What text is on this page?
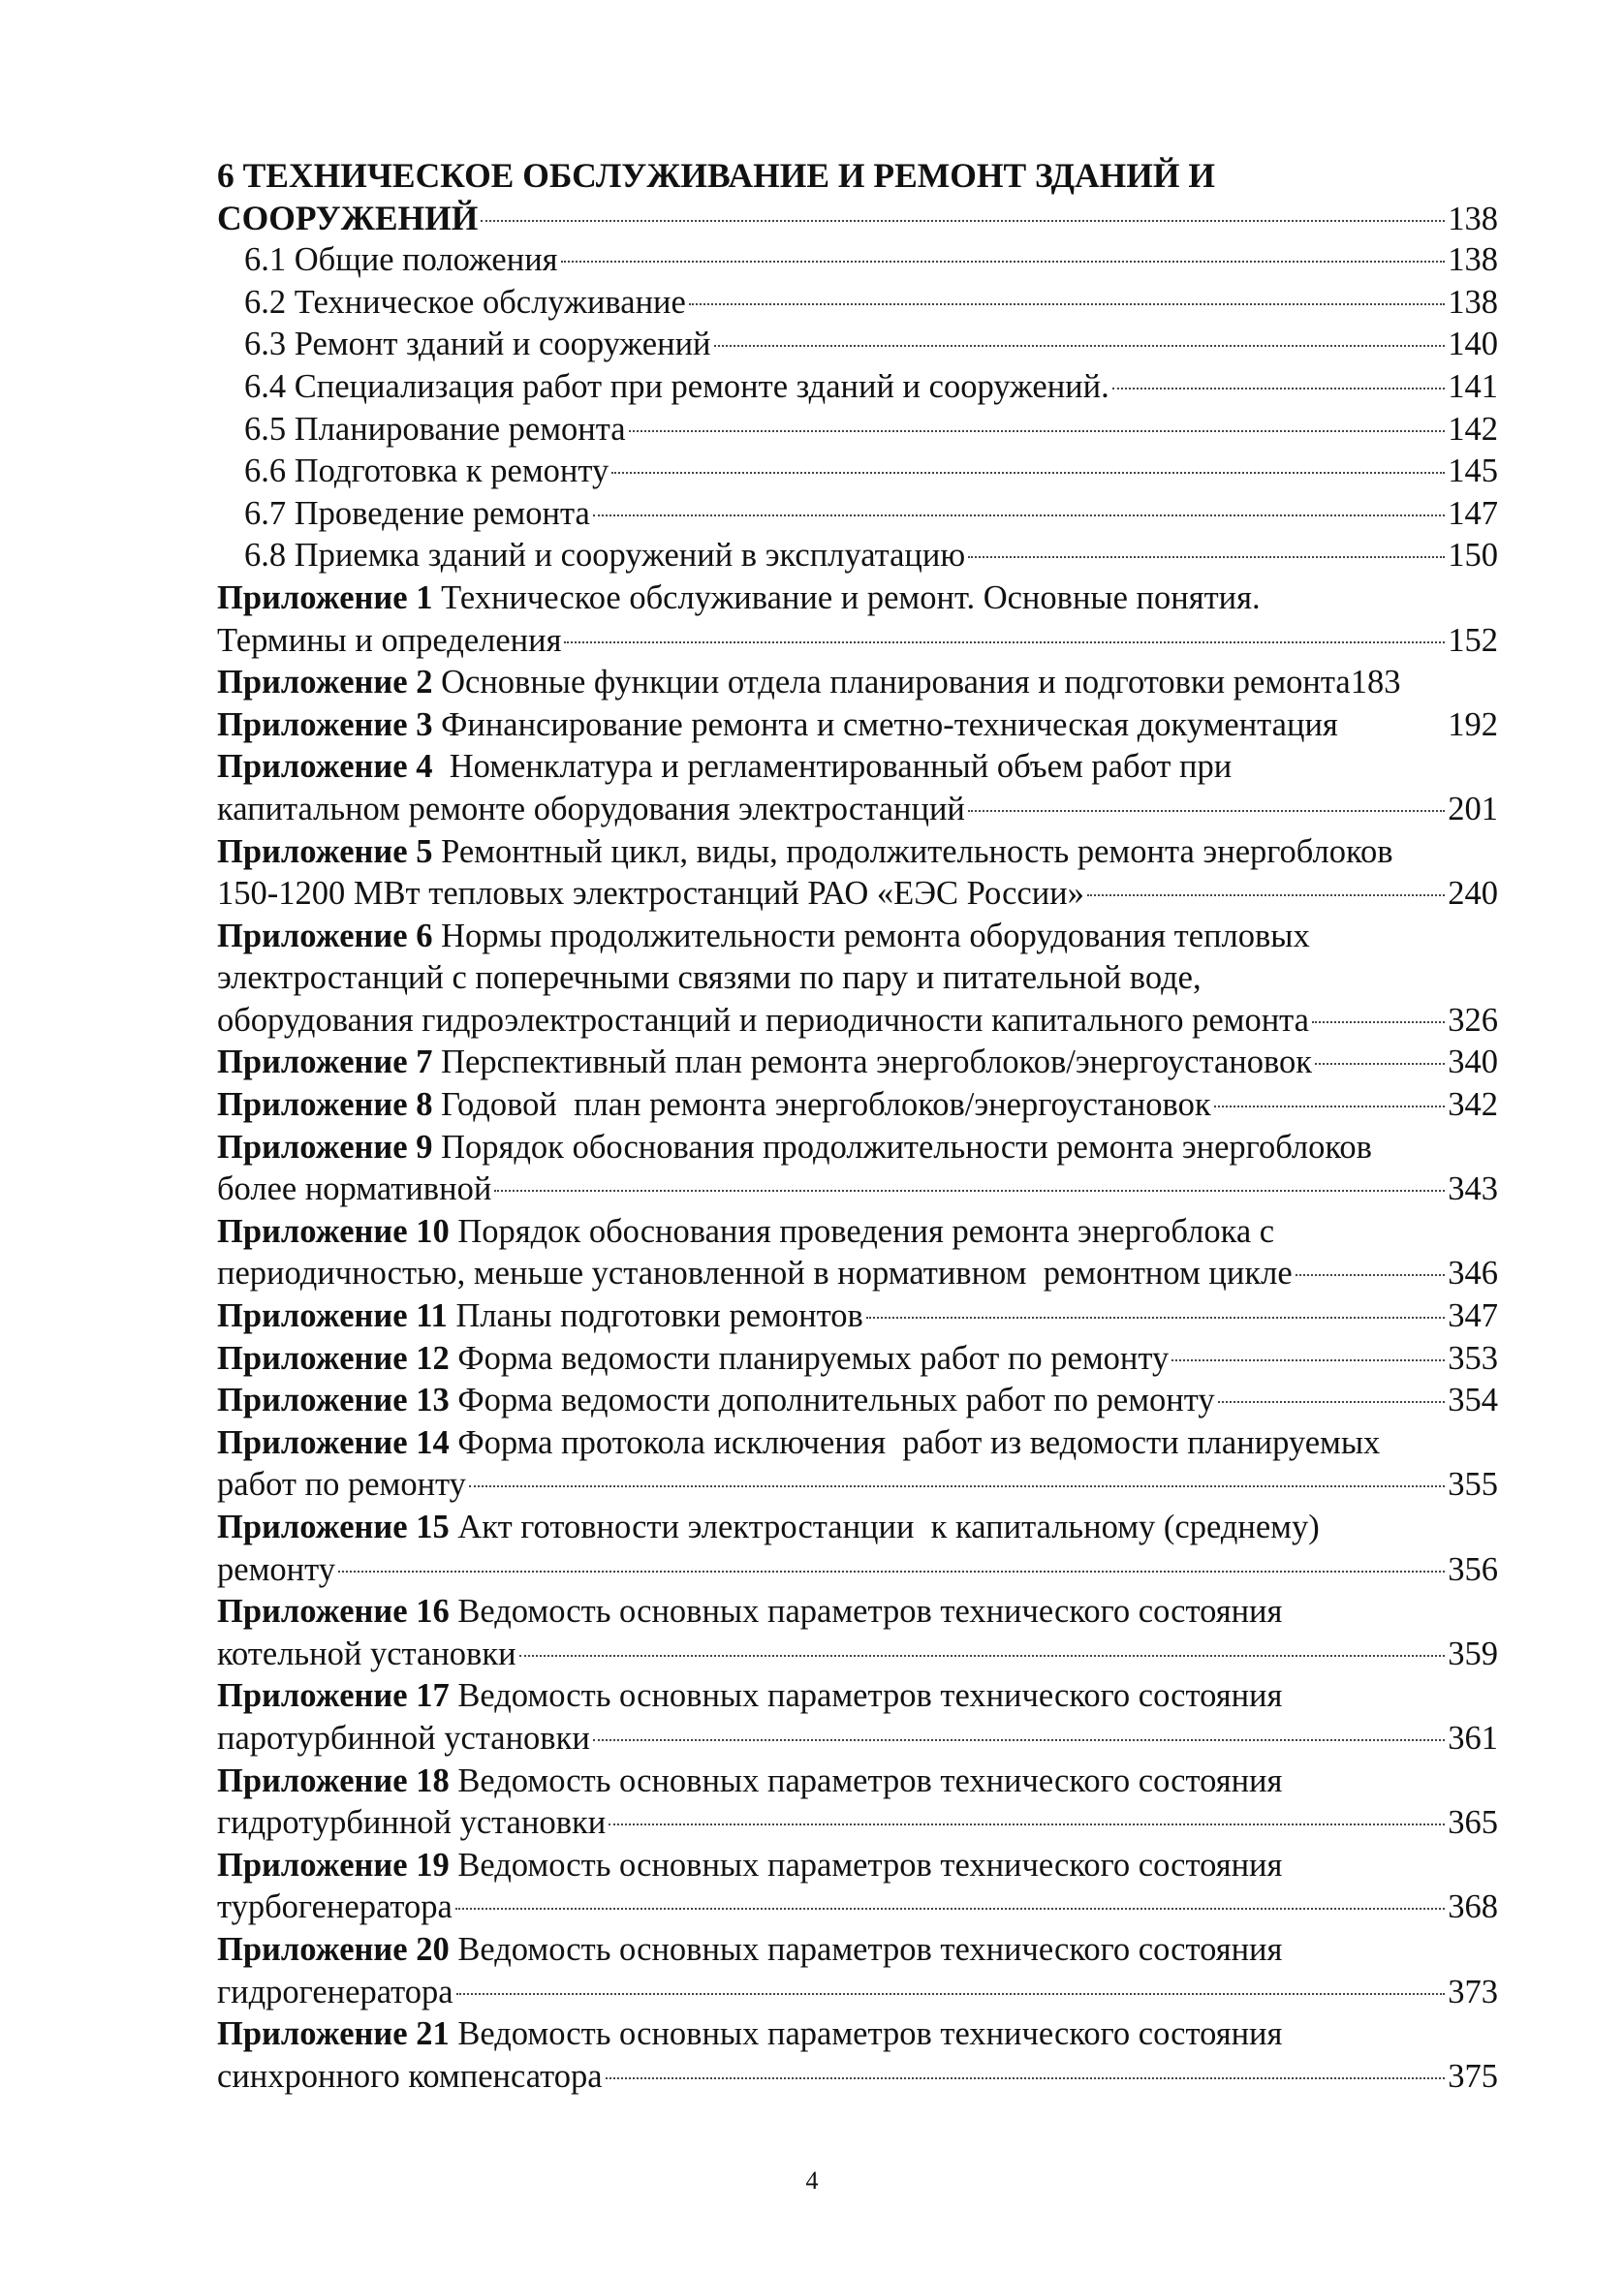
6 ТЕХНИЧЕСКОЕ ОБСЛУЖИВАНИЕ И РЕМОНТ ЗДАНИЙ И
СООРУЖЕНИЙ	138
6.1 Общие положения	138
6.2 Техническое обслуживание	138
6.3 Ремонт зданий и сооружений	140
6.4 Специализация работ при ремонте зданий и сооружений.	141
6.5 Планирование ремонта	142
6.6 Подготовка к ремонту	145
6.7 Проведение ремонта	147
6.8 Приемка зданий и сооружений в эксплуатацию	150
Приложение 1 Техническое обслуживание и ремонт. Основные понятия.
Термины и определения	152
Приложение 2 Основные функции отдела планирования и подготовки ремонта 183
Приложение 3 Финансирование ремонта и сметно-техническая документация	192
Приложение 4  Номенклатура и регламентированный объем работ при
капитальном ремонте оборудования электростанций	201
Приложение 5 Ремонтный цикл, виды, продолжительность ремонта энергоблоков
150-1200 МВт тепловых электростанций РАО «ЕЭС России»	240
Приложение 6 Нормы продолжительности ремонта оборудования тепловых
электростанций с поперечными связями по пару и питательной воде,
оборудования гидроэлектростанций и периодичности капитального ремонта	326
Приложение 7 Перспективный план ремонта энергоблоков/энергоустановок	340
Приложение 8 Годовой  план ремонта энергоблоков/энергоустановок	342
Приложение 9 Порядок обоснования продолжительности ремонта энергоблоков
более нормативной	343
Приложение 10 Порядок обоснования проведения ремонта энергоблока с
периодичностью, меньше установленной в нормативном  ремонтном цикле	346
Приложение 11 Планы подготовки ремонтов	347
Приложение 12 Форма ведомости планируемых работ по ремонту	353
Приложение 13 Форма ведомости дополнительных работ по ремонту	354
Приложение 14 Форма протокола исключения  работ из ведомости планируемых
работ по ремонту	355
Приложение 15 Акт готовности электростанции  к капитальному (среднему)
ремонту	356
Приложение 16 Ведомость основных параметров технического состояния
котельной установки	359
Приложение 17 Ведомость основных параметров технического состояния
паротурбинной установки	361
Приложение 18 Ведомость основных параметров технического состояния
гидротурбинной установки	365
Приложение 19 Ведомость основных параметров технического состояния
турбогенератора	368
Приложение 20 Ведомость основных параметров технического состояния
гидрогенератора	373
Приложение 21 Ведомость основных параметров технического состояния
синхронного компенсатора	375
4
